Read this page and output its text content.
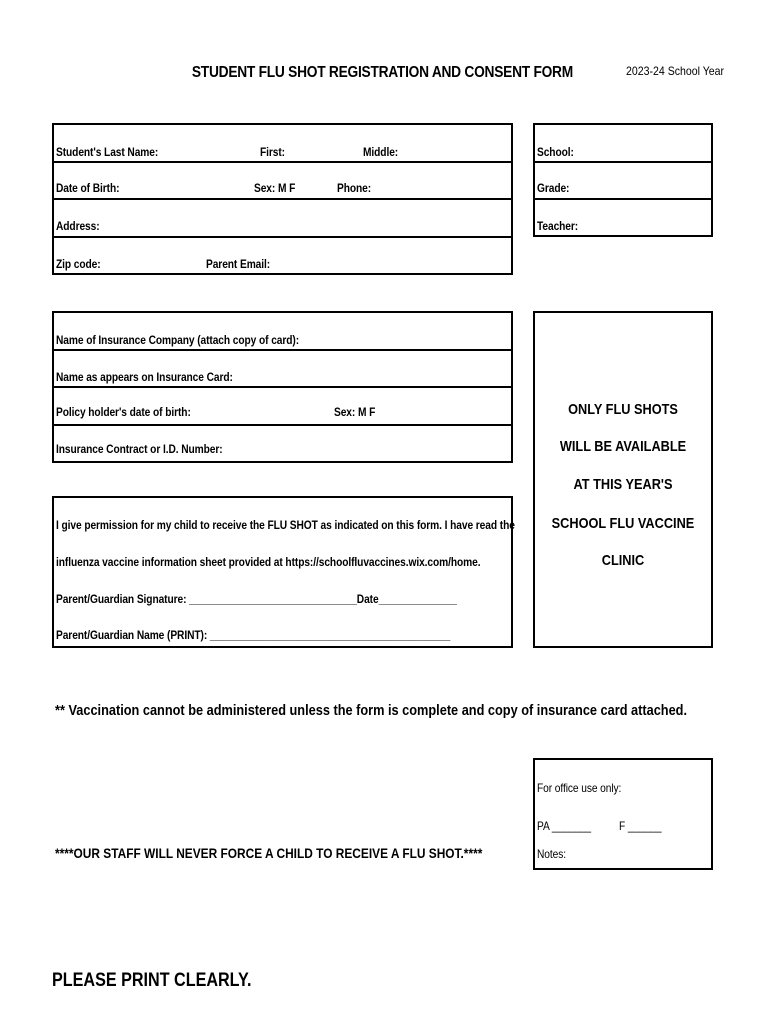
STUDENT FLU SHOT REGISTRATION AND CONSENT FORM	2023-24 School Year
Student's Last Name:	First:	Middle:
Date of Birth:	Sex: M F	Phone:
Address:
Zip code:	Parent Email:
School:
Grade:
Teacher:
Name of Insurance Company (attach copy of card):
Name as appears on Insurance Card:
Policy holder's date of birth:	Sex: M F
Insurance Contract or I.D. Number:
ONLY FLU SHOTS
WILL BE AVAILABLE
AT THIS YEAR'S
SCHOOL FLU VACCINE
CLINIC
I give permission for my child to receive the FLU SHOT as indicated on this form. I have read the
influenza vaccine information sheet provided at https://schoolfluvaccines.wix.com/home.
Parent/Guardian Signature: ______________________________Date______________
Parent/Guardian Name (PRINT): ___________________________________________
** Vaccination cannot be administered unless the form is complete and copy of insurance card attached.
For office use only:
PA _______ F ______
Notes:
****OUR STAFF WILL NEVER FORCE A CHILD TO RECEIVE A FLU SHOT.****
PLEASE PRINT CLEARLY.
